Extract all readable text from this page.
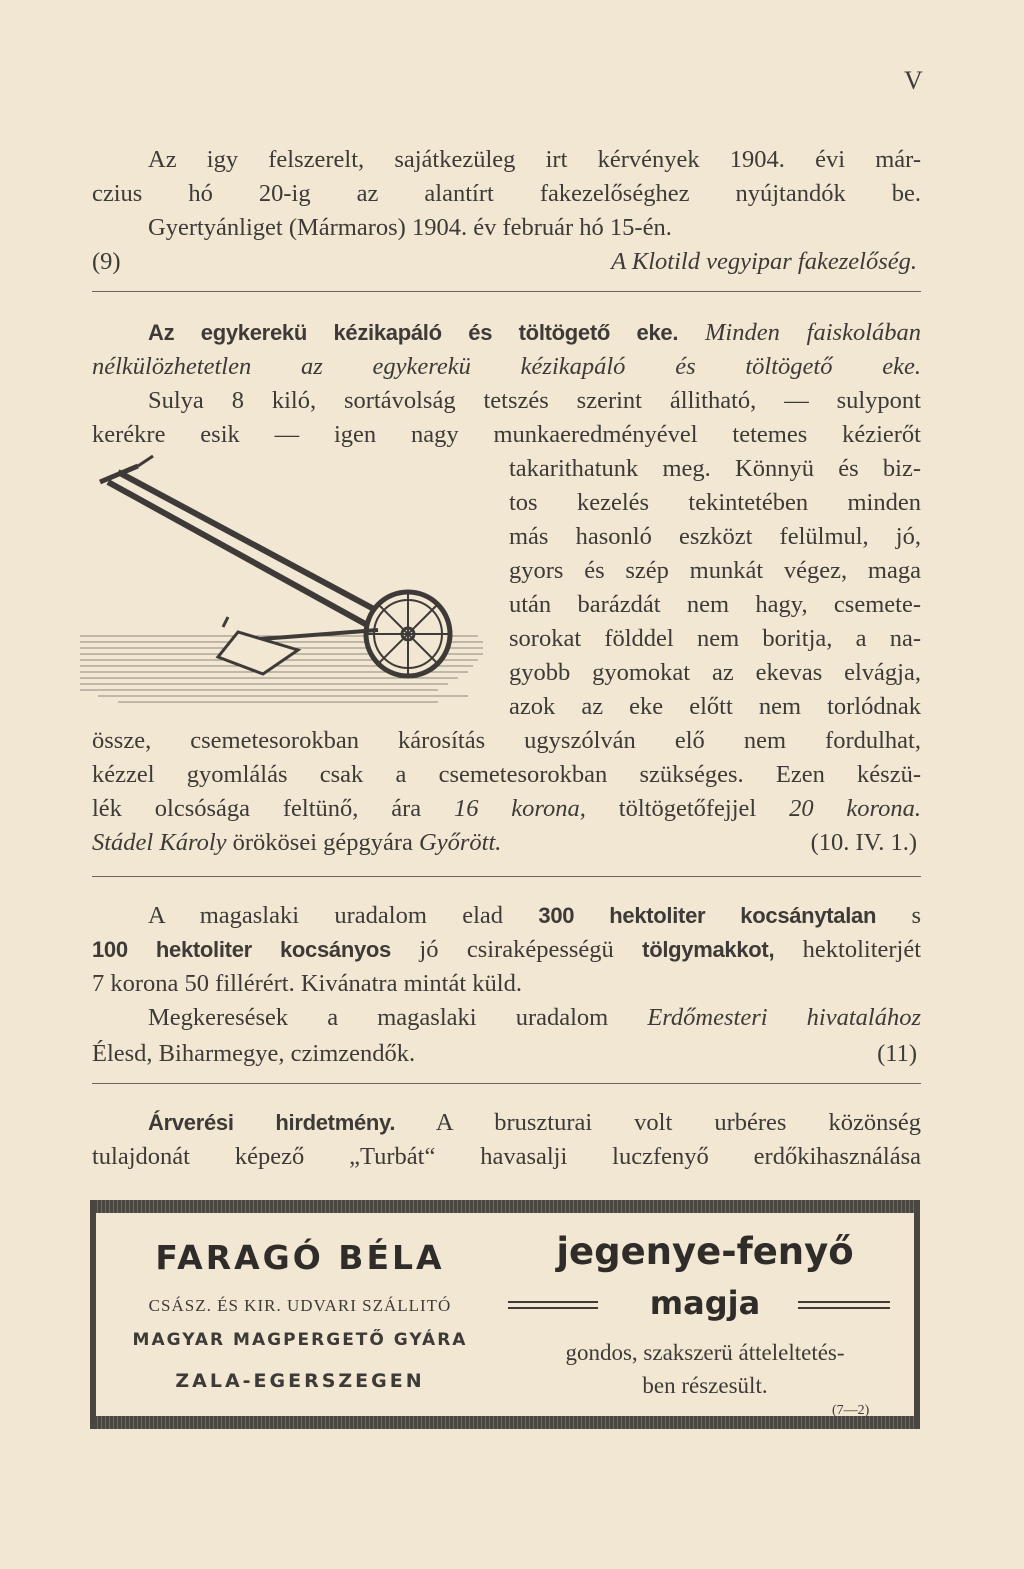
V
Az igy felszerelt, sajátkezüleg irt kérvények 1904. évi már-
czius hó 20-ig az alantírt fakezelőséghez nyújtandók be.
Gyertyánliget (Mármaros) 1904. év február hó 15-én.
(9)	A Klotild vegyipar fakezelőség.
Az egykerekü kézikapáló és töltögető eke. Minden faiskolában
nélkülözhetetlen az egykerekü kézikapáló és töltögető eke.
Sulya 8 kiló, sortávolság tetszés szerint állitható, — sulypont
kerékre esik — igen nagy munkaeredményével tetemes kézierőt
takarithatunk meg. Könnyü és biz-
tos kezelés tekintetében minden
más hasonló eszközt felülmul, jó,
gyors és szép munkát végez, maga
után barázdát nem hagy, csemete-
sorokat földdel nem boritja, a na-
gyobb gyomokat az ekevas elvágja,
azok az eke előtt nem torlódnak
össze, csemetesorokban károsítás ugyszólván elő nem fordulhat,
kézzel gyomlálás csak a csemetesorokban szükséges. Ezen készü-
lék olcsósága feltünő, ára 16 korona, töltögetőfejjel 20 korona.
Stádel Károly örökösei gépgyára Győrött.	(10. IV. 1.)
A magaslaki uradalom elad 300 hektoliter kocsánytalan s
100 hektoliter kocsányos jó csiraképességü tölgymakkot, hektoliterjét
7 korona 50 fillérért. Kivánatra mintát küld.
Megkeresések a magaslaki uradalom Erdőmesteri hivatalához
Élesd, Biharmegye, czimzendők.	(11)
Árverési hirdetmény. A brusztu​rai volt urbéres közönség
tulajdonát képező „Turbát“ havasalji luczfenyő erdőkihasználása
FARAGÓ BÉLA
CSÁSZ. ÉS KIR. UDVARI SZÁLLITÓ
MAGYAR MAGPERGETŐ GYÁRA
ZALA-EGERSZEGEN
jegenye-fenyő
magja
gondos, szakszerü átteleltetés-
ben részesült.
(7—2)
